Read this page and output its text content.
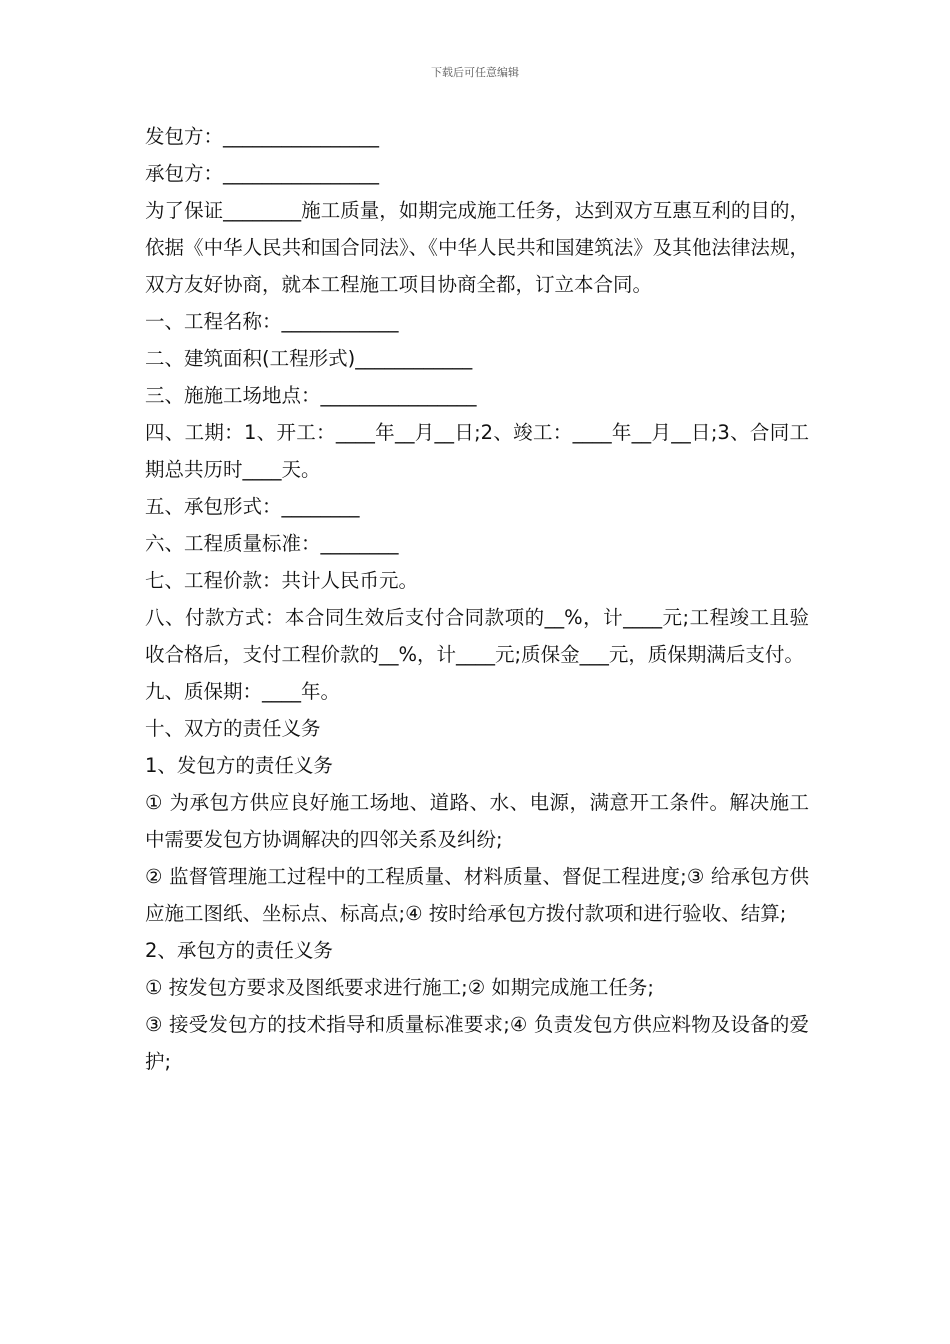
下载后可任意编辑

发包方：________________

承包方：________________

为了保证________施工质量，如期完成施工任务，达到双方互惠互利的目的，依据《中华人民共和国合同法》、《中华人民共和国建筑法》及其他法律法规，双方友好协商，就本工程施工项目协商全都，订立本合同。

一、工程名称：____________

二、建筑面积(工程形式)____________

三、施施工场地点：________________

四、工期：1、开工：____年__月__日;2、竣工：____年__月__日;3、合同工期总共历时____天。

五、承包形式：________

六、工程质量标准：________

七、工程价款：共计人民币元。

八、付款方式：本合同生效后支付合同款项的__%，计____元;工程竣工且验收合格后，支付工程价款的__%，计____元;质保金___元，质保期满后支付。

九、质保期：____年。

十、双方的责任义务

1、发包方的责任义务

① 为承包方供应良好施工场地、道路、水、电源，满意开工条件。解决施工中需要发包方协调解决的四邻关系及纠纷;

② 监督管理施工过程中的工程质量、材料质量、督促工程进度;③ 给承包方供应施工图纸、坐标点、标高点;④ 按时给承包方拨付款项和进行验收、结算;

2、承包方的责任义务

① 按发包方要求及图纸要求进行施工;② 如期完成施工任务;

③ 接受发包方的技术指导和质量标准要求;④ 负责发包方供应料物及设备的爱护;
